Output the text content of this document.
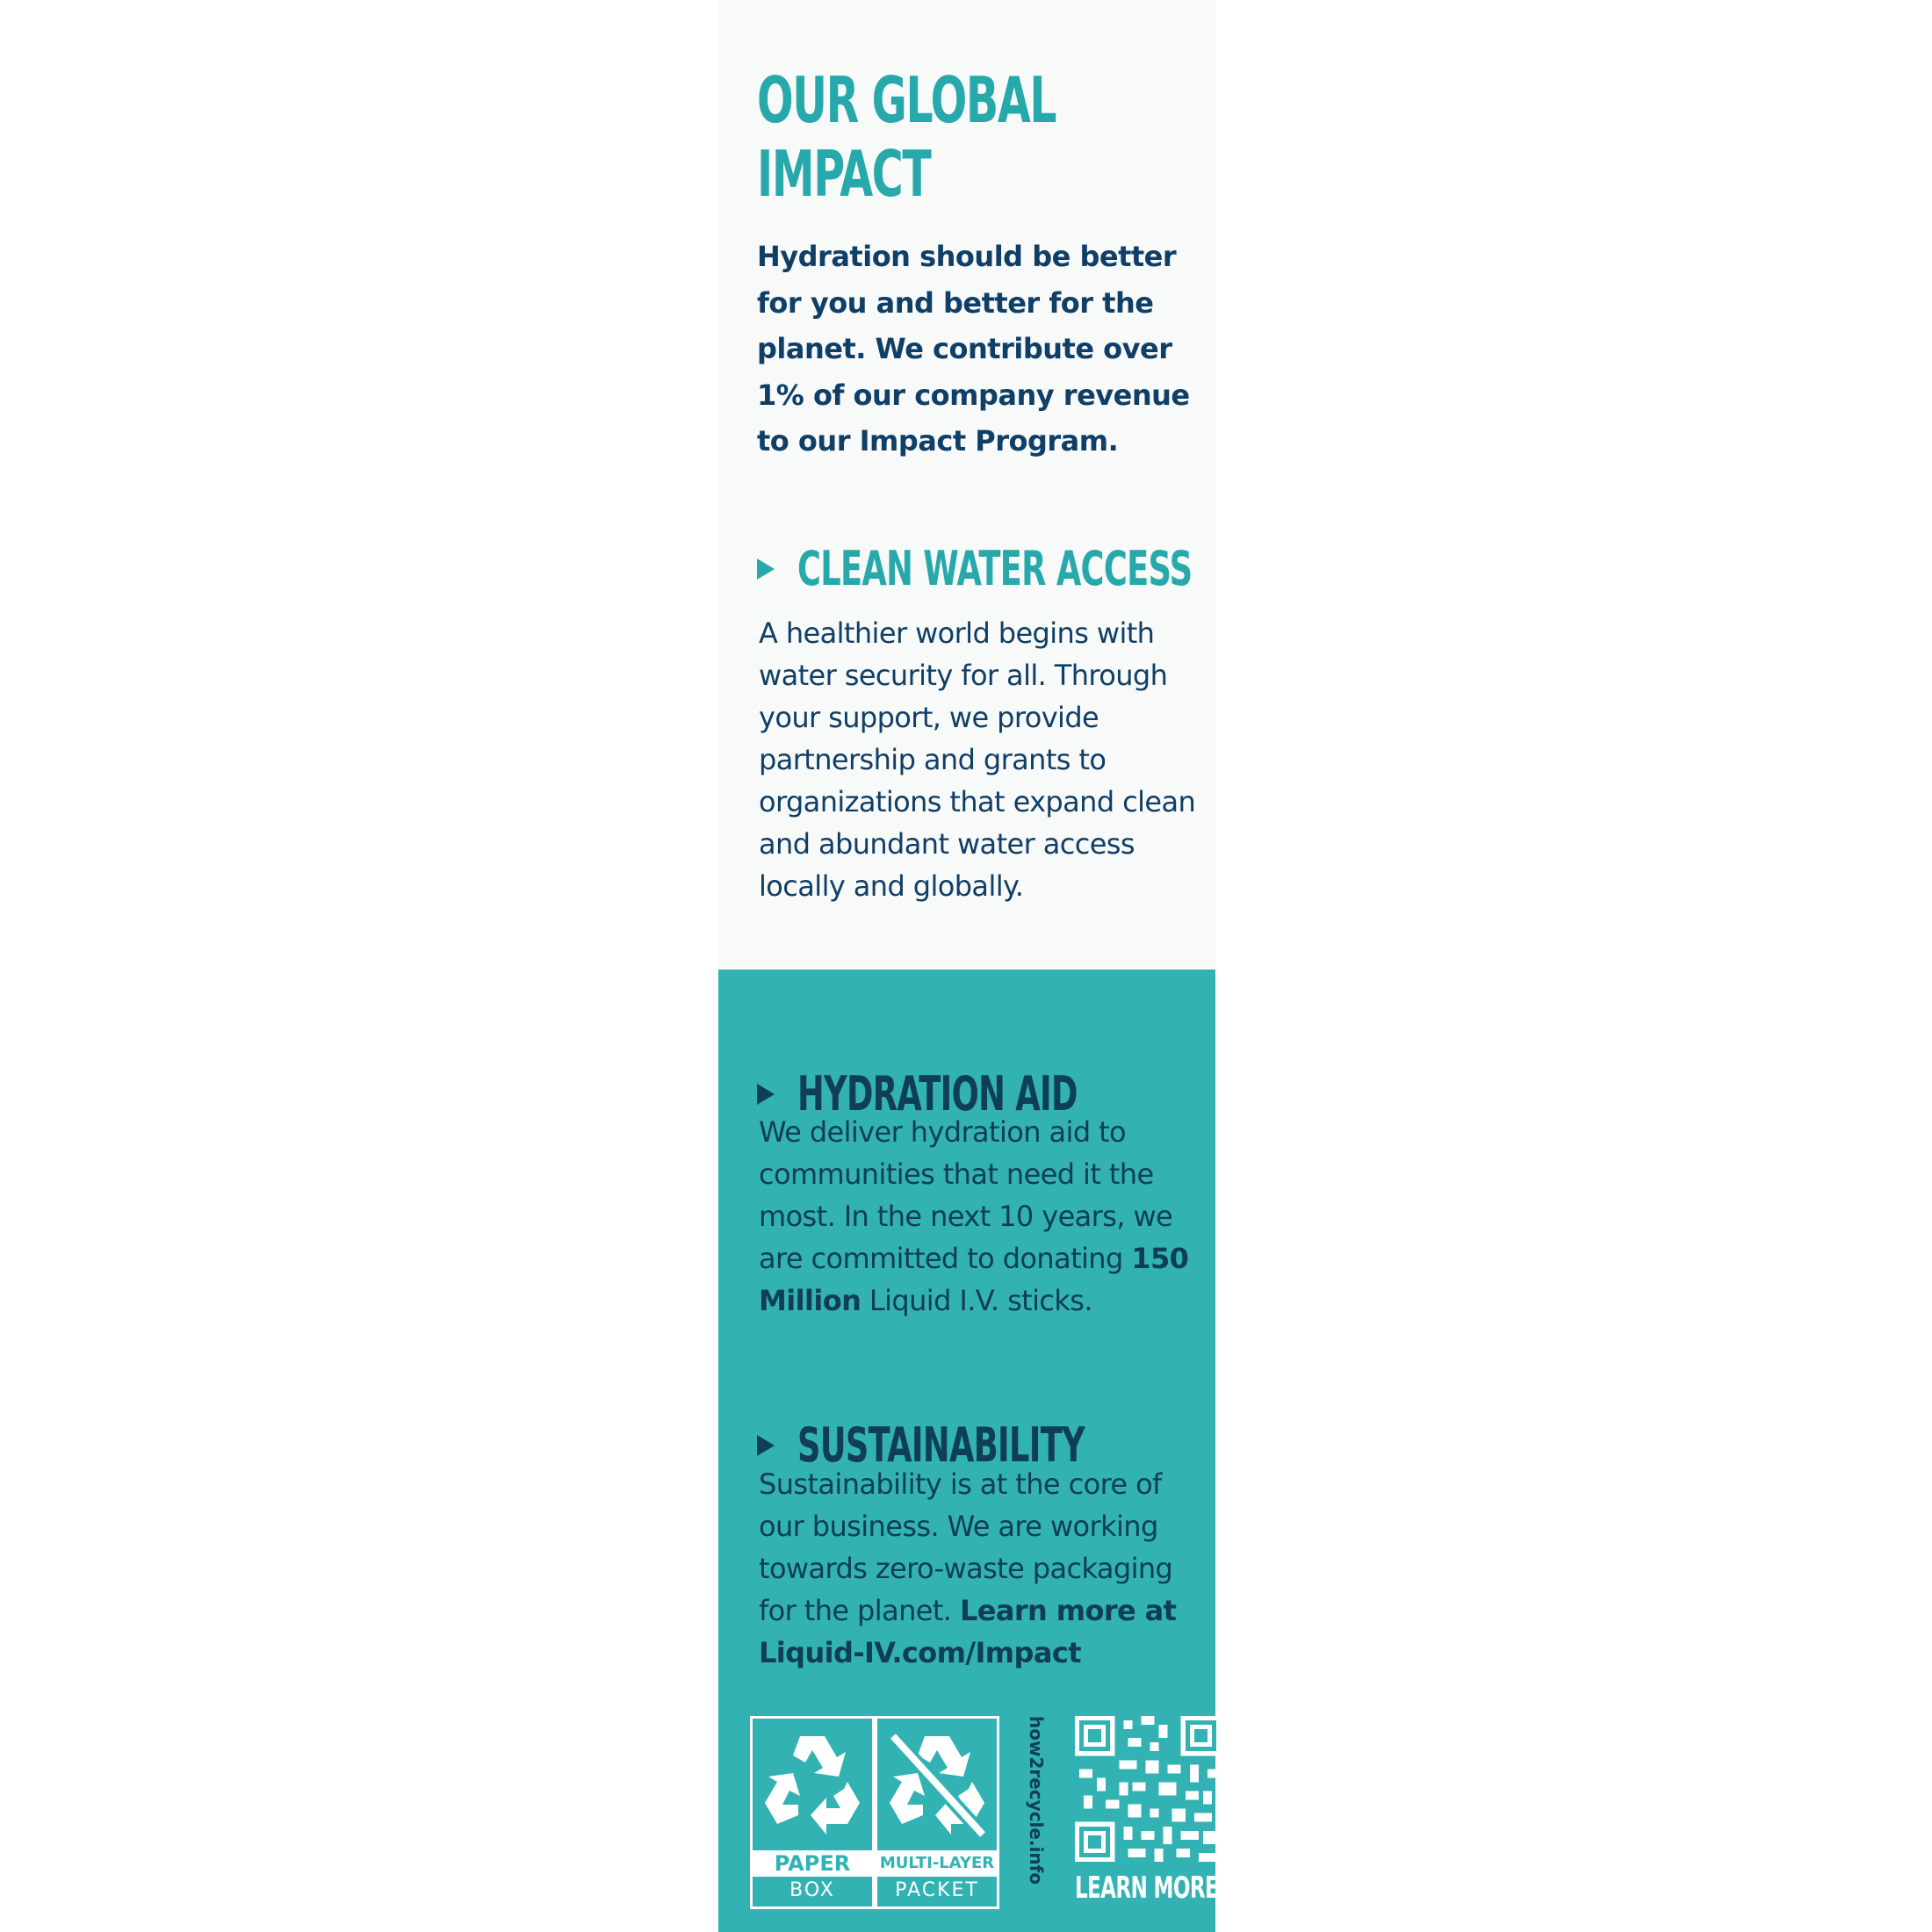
OUR GLOBAL
IMPACT

Hydration should be better for you and better for the planet. We contribute over 1% of our company revenue to our Impact Program.

CLEAN WATER ACCESS

A healthier world begins with water security for all. Through your support, we provide partnership and grants to organizations that expand clean and abundant water access locally and globally.

HYDRATION AID

We deliver hydration aid to communities that need it the most. In the next 10 years, we are committed to donating 150 Million Liquid I.V. sticks.

SUSTAINABILITY

Sustainability is at the core of our business. We are working towards zero-waste packaging for the planet. Learn more at Liquid-IV.com/Impact

PAPER
BOX
MULTI-LAYER
PACKET
how2recycle.info
LEARN MORE
